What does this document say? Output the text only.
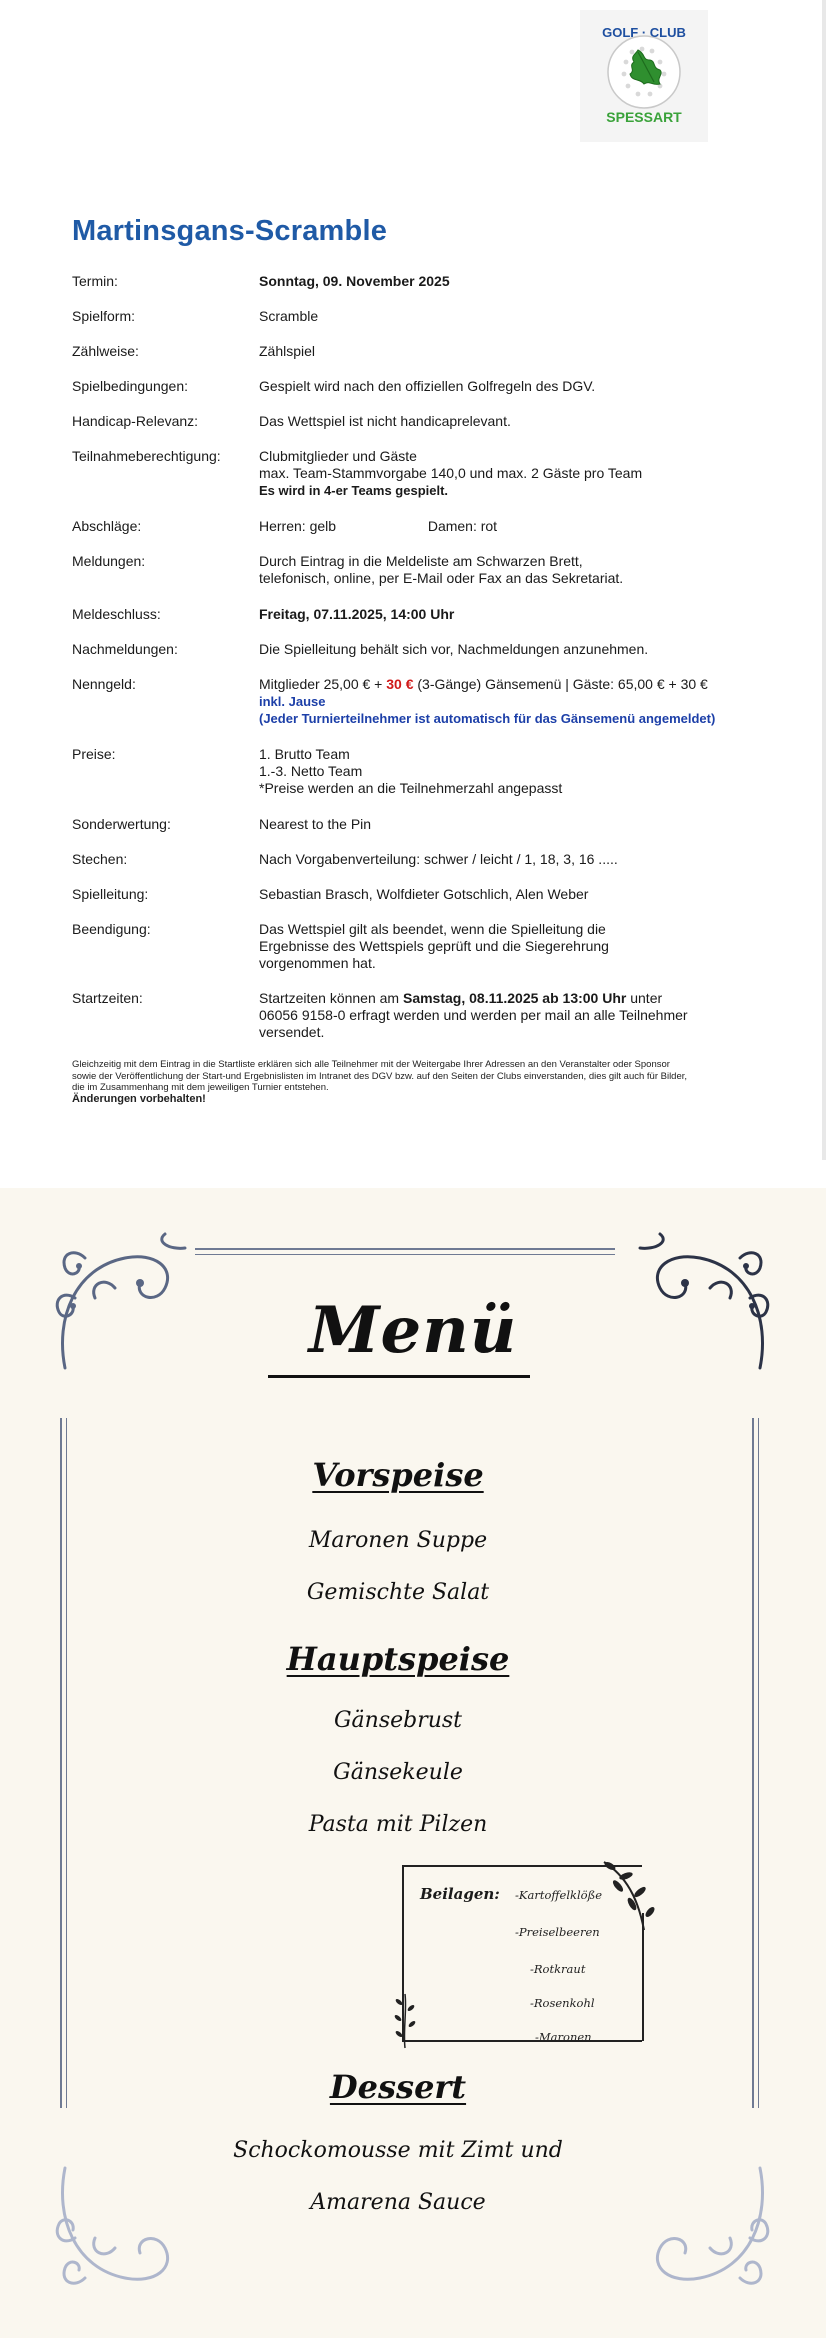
GOLF · CLUB
SPESSART
Martinsgans-Scramble
Termin:	Sonntag, 09. November 2025
Spielform:	Scramble
Zählweise:	Zählspiel
Spielbedingungen:	Gespielt wird nach den offiziellen Golfregeln des DGV.
Handicap-Relevanz:	Das Wettspiel ist nicht handicaprelevant.
Teilnahmeberechtigung:	Clubmitglieder und Gäste
max. Team-Stammvorgabe 140,0 und max. 2 Gäste pro Team
Es wird in 4-er Teams gespielt.
Abschläge:	Herren: gelb	Damen: rot
Meldungen:	Durch Eintrag in die Meldeliste am Schwarzen Brett,
telefonisch, online, per E-Mail oder Fax an das Sekretariat.
Meldeschluss:	Freitag, 07.11.2025, 14:00 Uhr
Nachmeldungen:	Die Spielleitung behält sich vor, Nachmeldungen anzunehmen.
Nenngeld:	Mitglieder 25,00 € + 30 € (3-Gänge) Gänsemenü | Gäste: 65,00 € + 30 €
inkl. Jause
(Jeder Turnierteilnehmer ist automatisch für das Gänsemenü angemeldet)
Preise:	1. Brutto Team
1.-3. Netto Team
*Preise werden an die Teilnehmerzahl angepasst
Sonderwertung:	Nearest to the Pin
Stechen:	Nach Vorgabenverteilung: schwer / leicht / 1, 18, 3, 16 .....
Spielleitung:	Sebastian Brasch, Wolfdieter Gotschlich, Alen Weber
Beendigung:	Das Wettspiel gilt als beendet, wenn die Spielleitung die
Ergebnisse des Wettspiels geprüft und die Siegerehrung
vorgenommen hat.
Startzeiten:	Startzeiten können am Samstag, 08.11.2025 ab 13:00 Uhr unter
06056 9158-0 erfragt werden und werden per mail an alle Teilnehmer
versendet.
Gleichzeitig mit dem Eintrag in die Startliste erklären sich alle Teilnehmer mit der Weitergabe Ihrer Adressen an den Veranstalter oder Sponsor
sowie der Veröffentlichung der Start-und Ergebnislisten im Intranet des DGV bzw. auf den Seiten der Clubs einverstanden, dies gilt auch für Bilder,
die im Zusammenhang mit dem jeweiligen Turnier entstehen.
Änderungen vorbehalten!
Menü
Vorspeise
Maronen Suppe
Gemischte Salat
Hauptspeise
Gänsebrust
Gänsekeule
Pasta mit Pilzen
Beilagen: -Kartoffelklöße
-Preiselbeeren
-Rotkraut
-Rosenkohl
-Maronen
Dessert
Schockomousse mit Zimt und
Amarena Sauce
